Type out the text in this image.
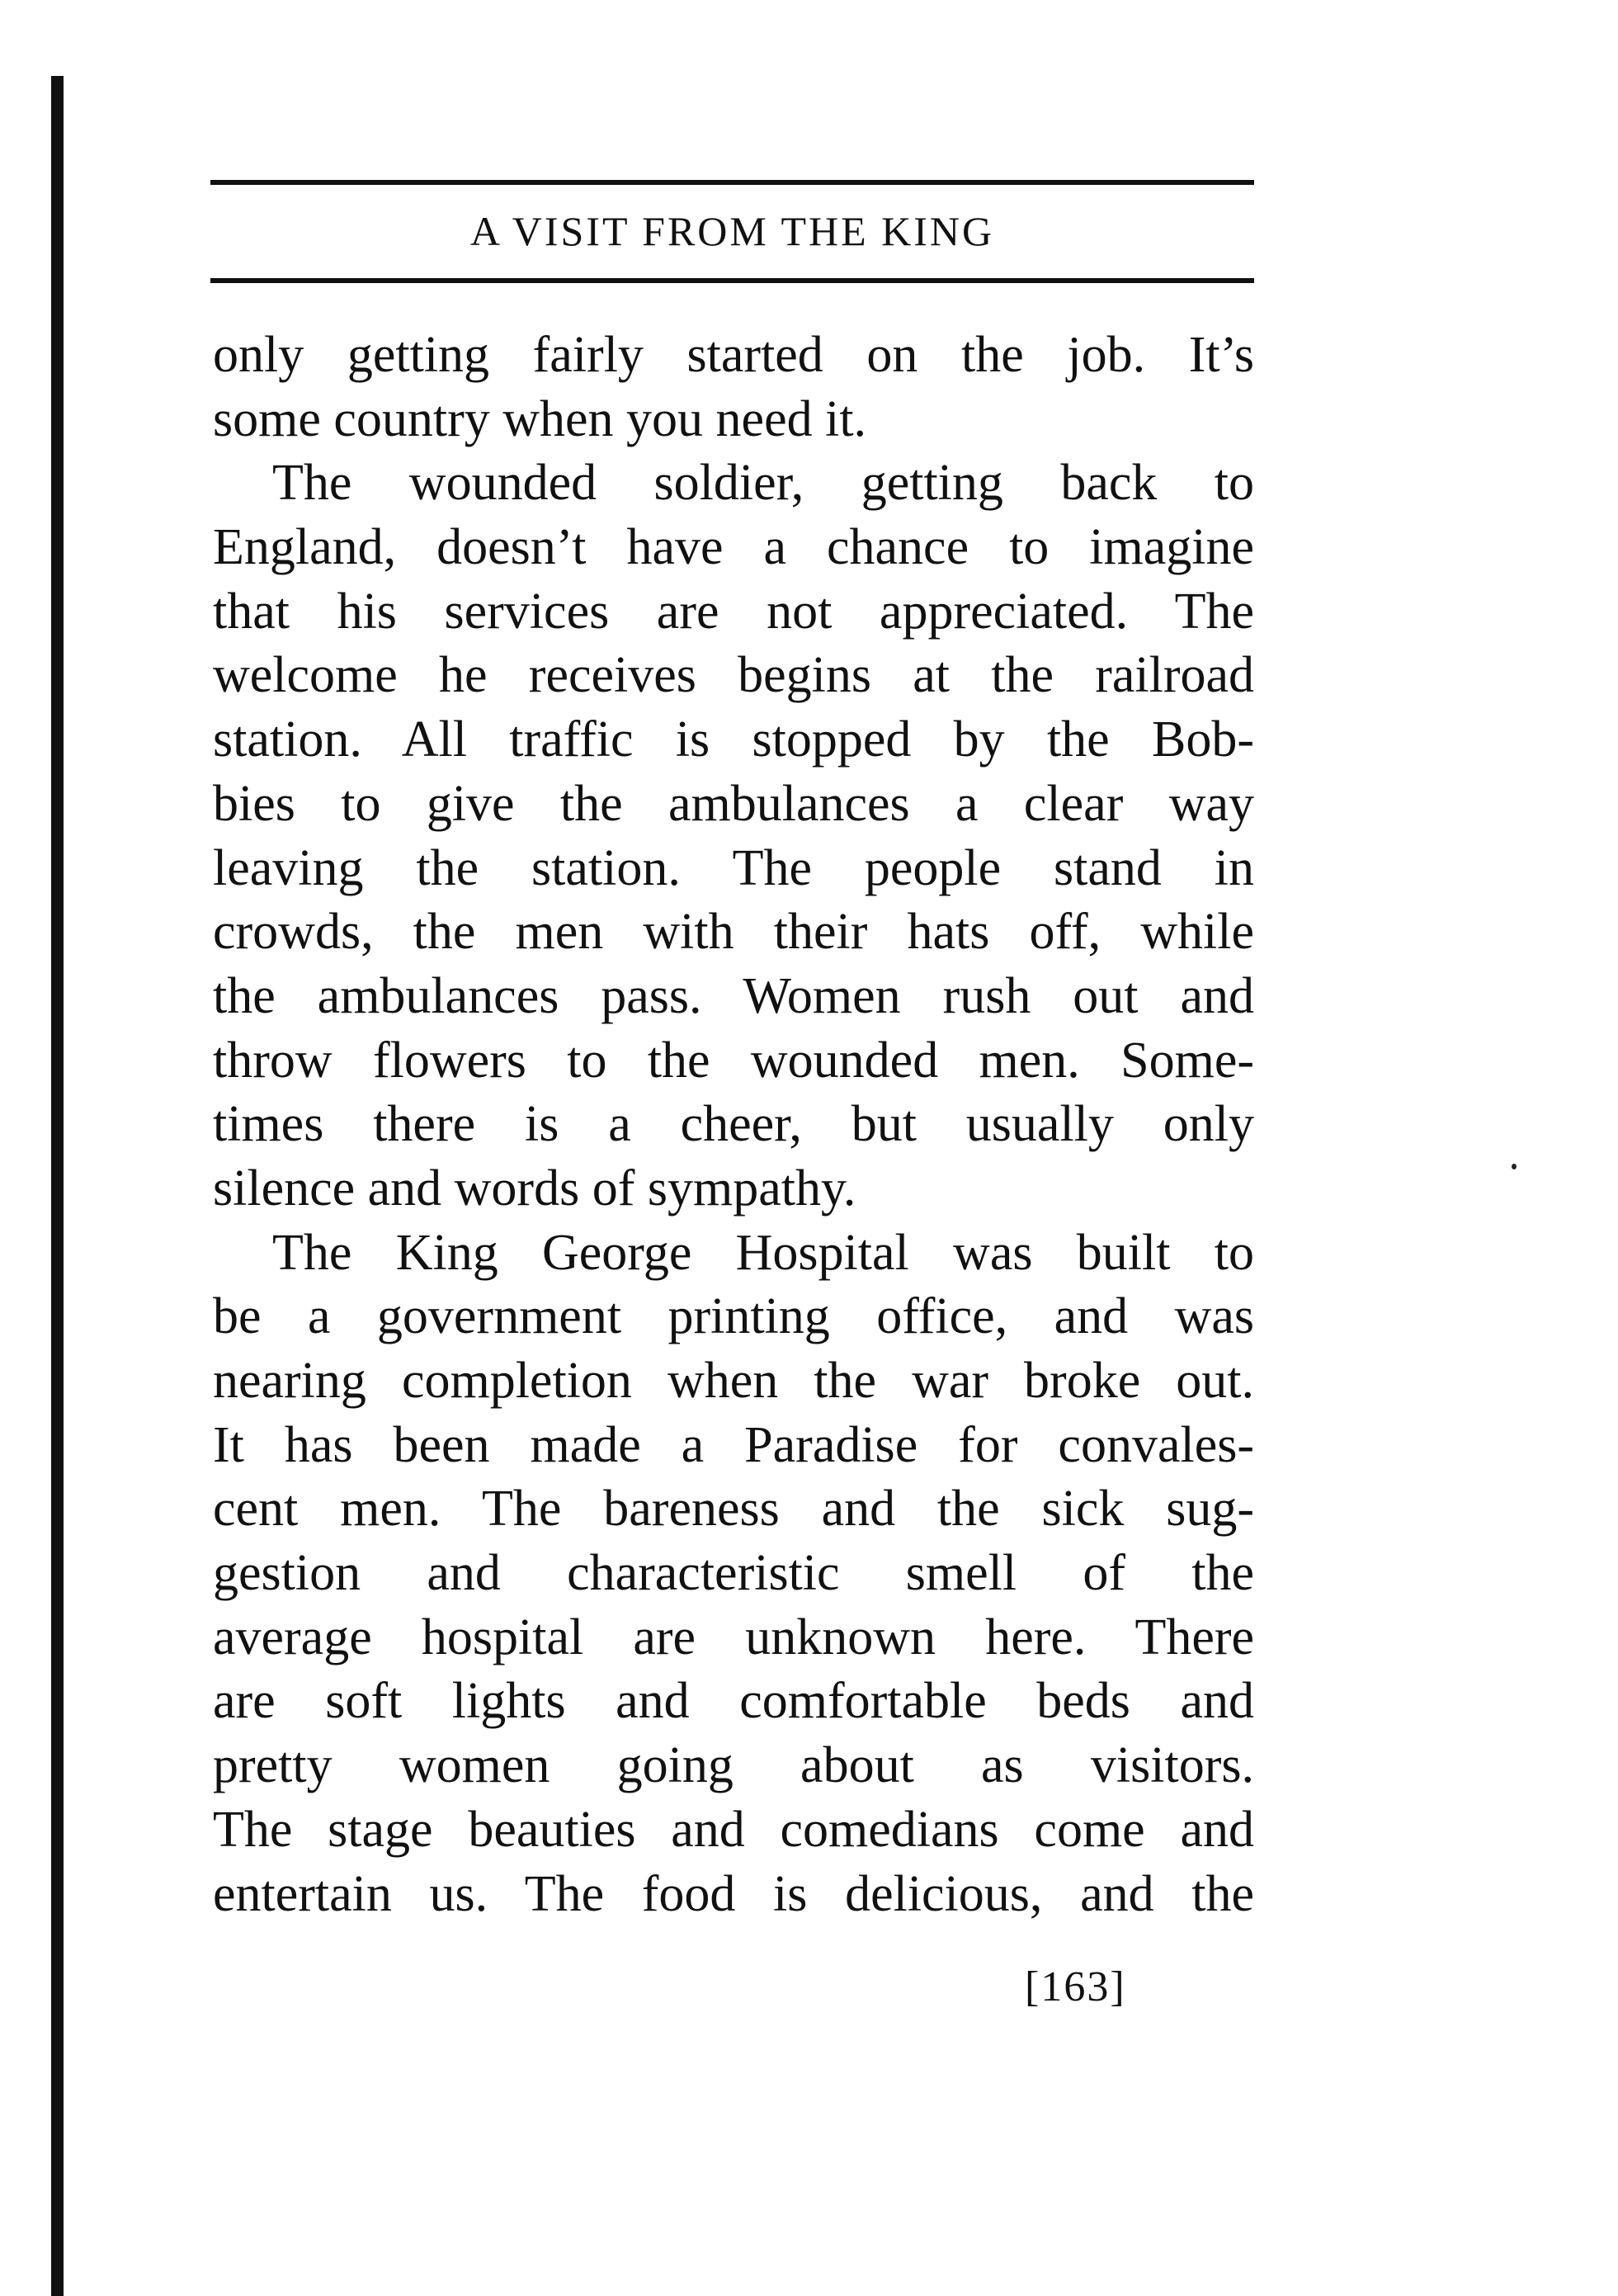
A VISIT FROM THE KING
only getting fairly started on the job. It’s
some country when you need it.
The wounded soldier, getting back to
England, doesn’t have a chance to imagine
that his services are not appreciated. The
welcome he receives begins at the railroad
station. All traffic is stopped by the Bob-
bies to give the ambulances a clear way
leaving the station. The people stand in
crowds, the men with their hats off, while
the ambulances pass. Women rush out and
throw flowers to the wounded men. Some-
times there is a cheer, but usually only
silence and words of sympathy.
The King George Hospital was built to
be a government printing office, and was
nearing completion when the war broke out.
It has been made a Paradise for convales-
cent men. The bareness and the sick sug-
gestion and characteristic smell of the
average hospital are unknown here. There
are soft lights and comfortable beds and
pretty women going about as visitors.
The stage beauties and comedians come and
entertain us. The food is delicious, and the
[163]
